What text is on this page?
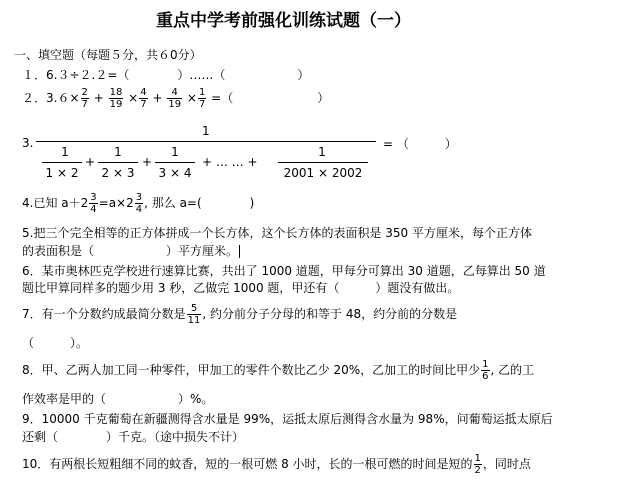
重点中学考前强化训练试题（一）
一、填空题（每题５分，共６0分）
１．6.３÷２.２=（　　　　）……（　　　　　　）
２．$3.6\times \frac{2}{7} + \frac{18}{19} \times \frac{4}{7} + \frac{4}{19} \times \frac{1}{7}$ =（　　　　　　　）
3.
1
1
1 × 2
+
1
2 × 3
+
1
3 × 4
+ … … +
1
2001 × 2002
= （　　　）
4.已知 $a+2 \frac{3}{4} =a\times 2 \frac{3}{4}$ , 那么 a=(　　　　)
5.把三个完全相等的正方体拼成一个长方体，这个长方体的表面积是 350 平方厘米，每个正方体
的表面积是（　　　　　　）平方厘米。
6．某市奥林匹克学校进行速算比赛，共出了 1000 道题，甲每分可算出 30 道题，乙每算出 50 道
题比甲算同样多的题少用 3 秒，乙做完 1000 题，甲还有（　　　）题没有做出。
7．有一个分数约成最简分数是 $\frac{5}{11}$ , 约分前分子分母的和等于 48，约分前的分数是
（　　　）。
8．甲、乙两人加工同一种零件，甲加工的零件个数比乙少 20%，乙加工的时间比甲少 $\frac{1}{6}$ , 乙的工
作效率是甲的（　　　　　　）%。
9．10000 千克葡萄在新疆测得含水量是 99%，运抵太原后测得含水量为 98%，问葡萄运抵太原后
还剩（　　　　）千克。（途中损失不计）
10．有两根长短粗细不同的蚊香，短的一根可燃 8 小时，长的一根可燃的时间是短的 $\frac{1}{2}$ ，同时点
